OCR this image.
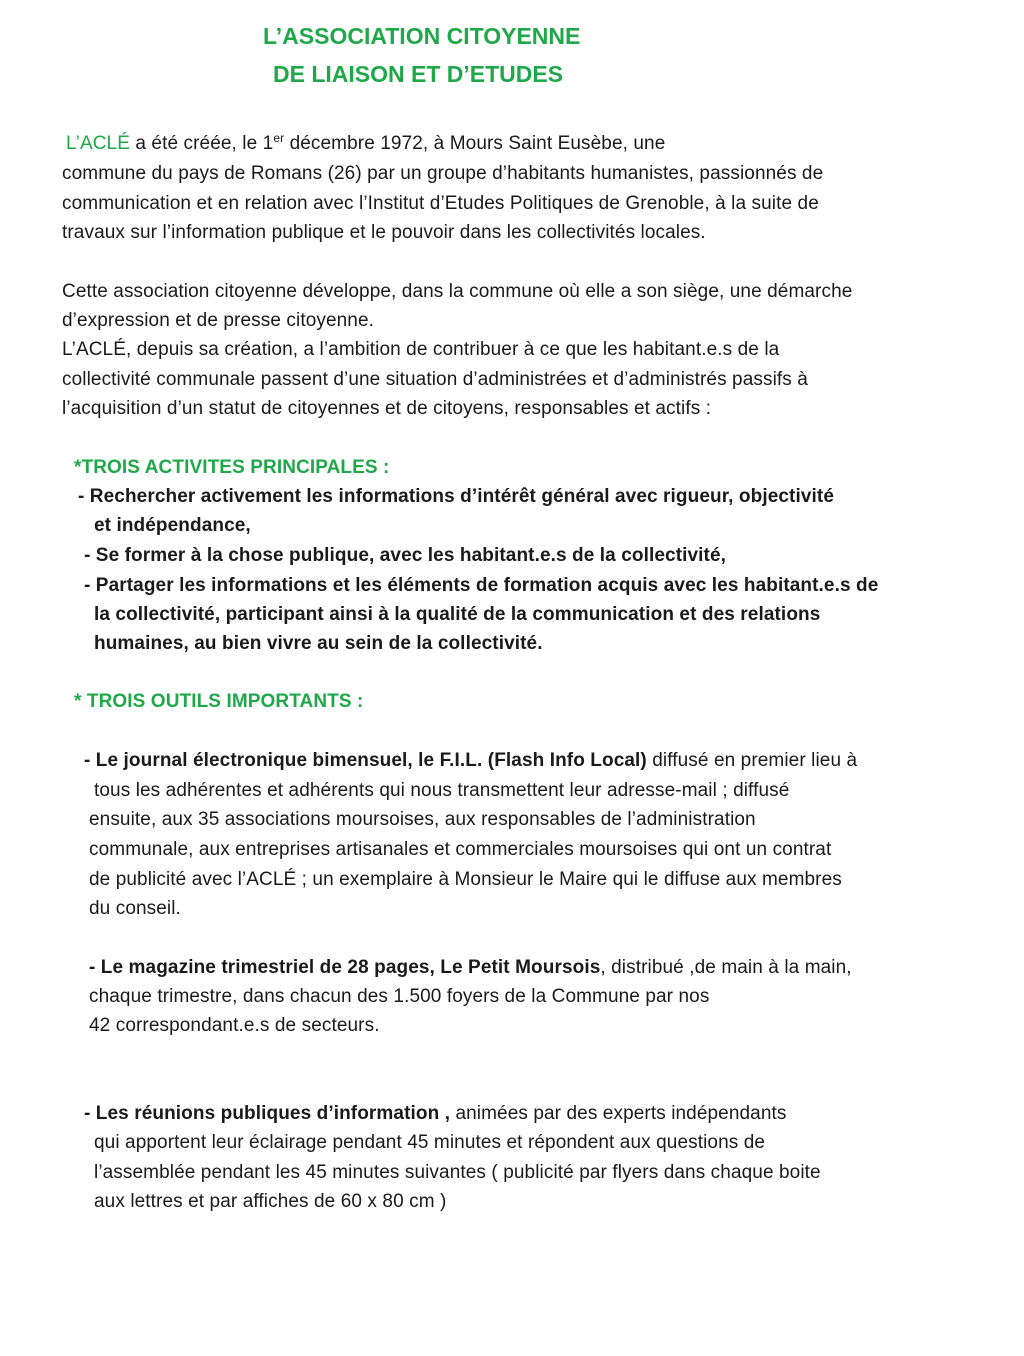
L’ASSOCIATION CITOYENNE
DE LIAISON ET D’ETUDES

L’ACLÉ a été créée, le 1er décembre 1972, à Mours Saint Eusèbe, une

commune du pays de Romans (26) par un groupe d’habitants humanistes, passionnés de

communication et en relation avec l’Institut d’Etudes Politiques de Grenoble, à la suite de

travaux sur l’information publique et le pouvoir dans les collectivités locales.

Cette association citoyenne développe, dans la commune où elle a son siège, une démarche

d’expression et de presse citoyenne.

L’ACLÉ, depuis sa création, a l’ambition de contribuer à ce que les habitant.e.s de la

collectivité communale passent d’une situation d’administrées et d’administrés passifs à

l’acquisition d’un statut de citoyennes et de citoyens, responsables et actifs :

*TROIS ACTIVITES PRINCIPALES :

- Rechercher activement les informations d’intérêt général avec rigueur, objectivité

et indépendance,

- Se former à la chose publique, avec les habitant.e.s de la collectivité,

- Partager les informations et les éléments de formation acquis avec les habitant.e.s de

la collectivité, participant ainsi à la qualité de la communication et des relations

humaines, au bien vivre au sein de la collectivité.

* TROIS OUTILS IMPORTANTS :

- Le journal électronique bimensuel, le F.I.L. (Flash Info Local) diffusé en premier lieu à

tous les adhérentes et adhérents qui nous transmettent leur adresse-mail ; diffusé

ensuite, aux 35 associations moursoises, aux responsables de l’administration

communale, aux entreprises artisanales et commerciales moursoises qui ont un contrat

de publicité avec l’ACLÉ ; un exemplaire à Monsieur le Maire qui le diffuse aux membres

du conseil.

- Le magazine trimestriel de 28 pages, Le Petit Moursois, distribué ,de main à la main,

chaque trimestre, dans chacun des 1.500 foyers de la Commune par nos

42 correspondant.e.s de secteurs.

- Les réunions publiques d’information , animées par des experts indépendants

qui apportent leur éclairage pendant 45 minutes et répondent aux questions de

l’assemblée pendant les 45 minutes suivantes ( publicité par flyers dans chaque boite

aux lettres et par affiches de 60 x 80 cm )
